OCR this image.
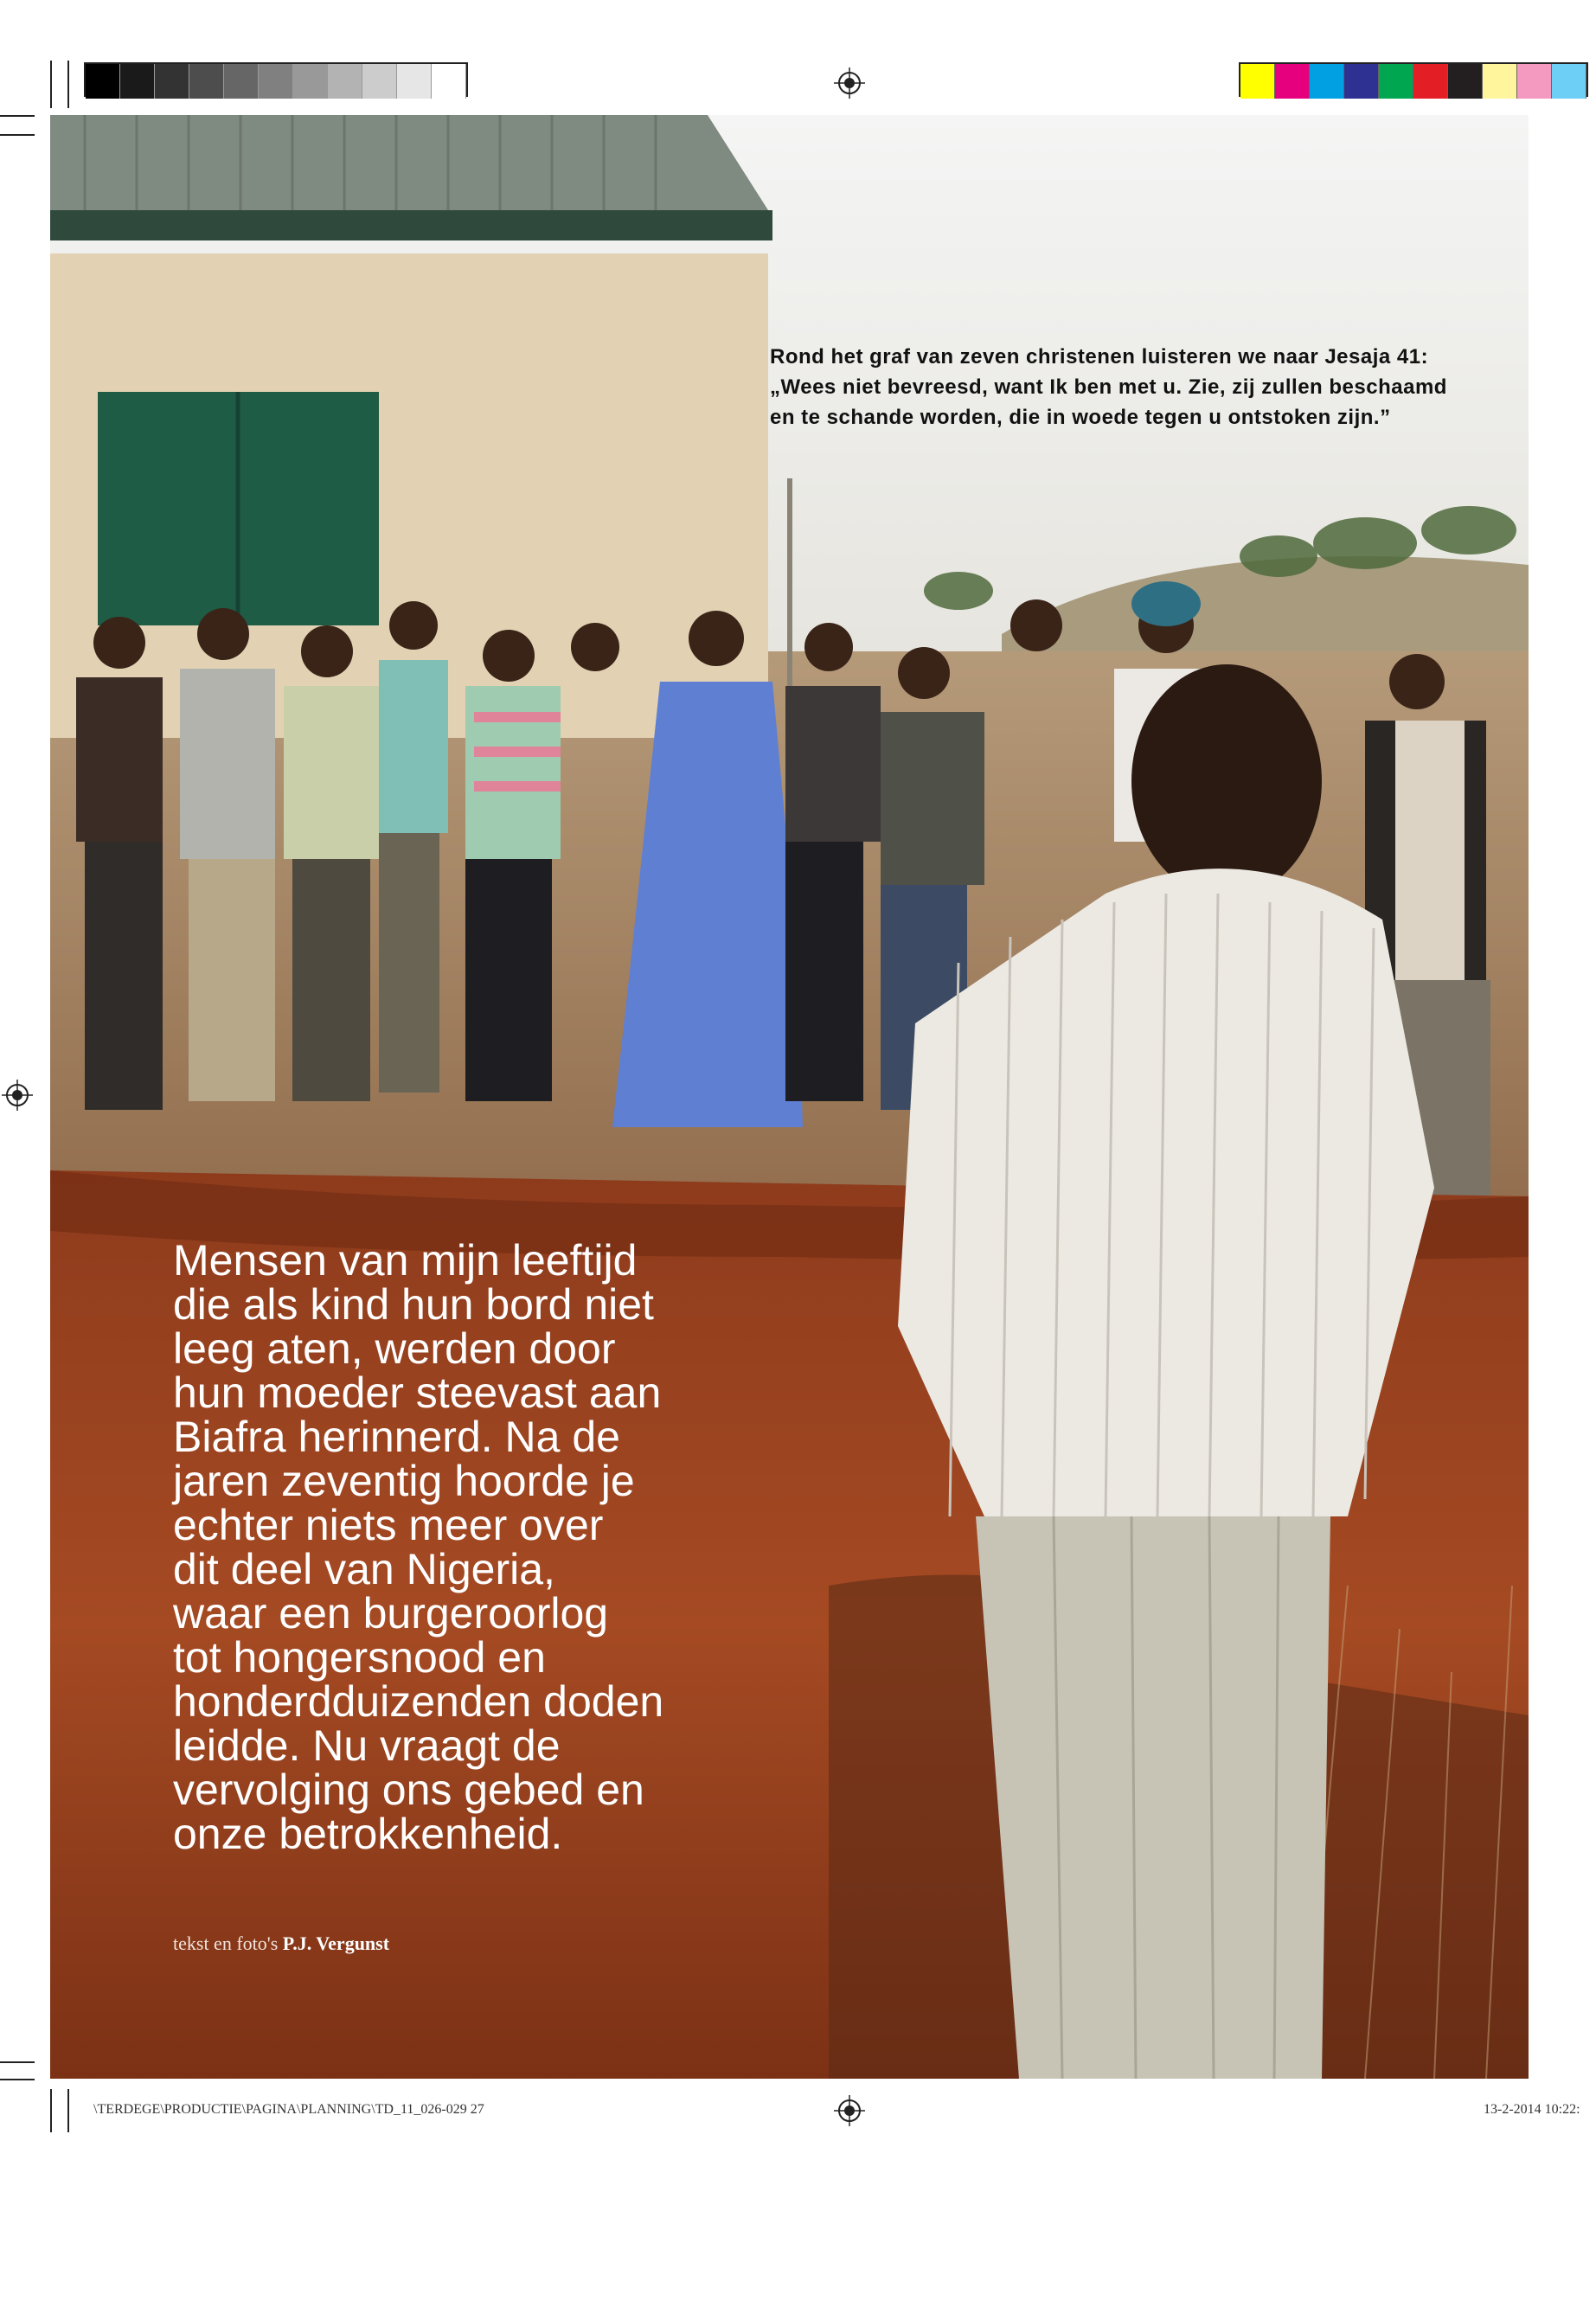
Rond het graf van zeven christenen luisteren we naar Jesaja 41:
„Wees niet bevreesd, want Ik ben met u. Zie, zij zullen beschaamd
en te schande worden, die in woede tegen u ontstoken zijn.”
Mensen van mijn leeftijd
die als kind hun bord niet
leeg aten, werden door
hun moeder steevast aan
Biafra herinnerd. Na de
jaren zeventig hoorde je
echter niets meer over
dit deel van Nigeria,
waar een burgeroorlog
tot hongersnood en
honderdduizenden doden
leidde. Nu vraagt de
vervolging ons gebed en
onze betrokkenheid.
tekst en foto's P.J. Vergunst
\TERDEGE\PRODUCTIE\PAGINA\PLANNING\TD_11_026-029 27	13-2-2014 10:22:
